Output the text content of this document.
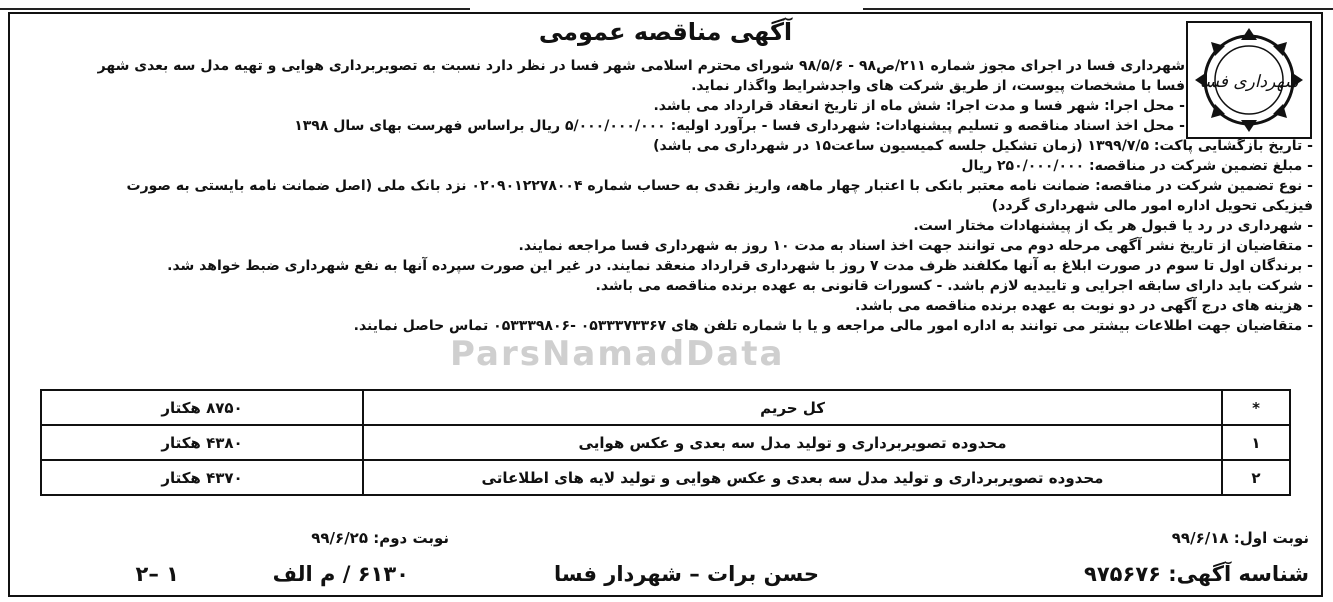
شهرداری فسا
آگهی مناقصه عمومی
شهرداری فسا در اجرای مجوز شماره ۲۱۱/ص۹۸ - ۹۸/۵/۶ شورای محترم اسلامی شهر فسا در نظر دارد نسبت به تصویربرداری هوایی و تهیه مدل سه بعدی شهر
فسا با مشخصات پیوست، از طریق شرکت های واجدشرایط واگذار نماید.
- محل اجرا: شهر فسا و مدت اجرا: شش ماه از تاریخ انعقاد قرارداد می باشد.
- محل اخذ اسناد مناقصه و تسلیم پیشنهادات: شهرداری فسا - برآورد اولیه: ۵/۰۰۰/۰۰۰/۰۰۰ ریال براساس فهرست بهای سال ۱۳۹۸
- تاریخ بازگشایی پاکت: ۱۳۹۹/۷/۵ (زمان تشکیل جلسه کمیسیون ساعت۱۵ در شهرداری می باشد)
- مبلغ تضمین شرکت در مناقصه: ۲۵۰/۰۰۰/۰۰۰ ریال
- نوع تضمین شرکت در مناقصه: ضمانت نامه معتبر بانکی با اعتبار چهار ماهه، واریز نقدی به حساب شماره ۰۲۰۹۰۱۲۲۷۸۰۰۴ نزد بانک ملی (اصل ضمانت نامه بایستی به صورت
فیزیکی تحویل اداره امور مالی شهرداری گردد)
- شهرداری در رد یا قبول هر یک از پیشنهادات مختار است.
- متقاضیان از تاریخ نشر آگهی مرحله دوم می توانند جهت اخذ اسناد به مدت ۱۰ روز به شهرداری فسا مراجعه نمایند.
- برندگان اول تا سوم در صورت ابلاغ به آنها مکلفند ظرف مدت ۷ روز با شهرداری قرارداد منعقد نمایند. در غیر این صورت سپرده آنها به نفع شهرداری ضبط خواهد شد.
- شرکت باید دارای سابقه اجرایی و تاییدیه لازم باشد. - کسورات قانونی به عهده برنده مناقصه می باشد.
- هزینه های درج آگهی در دو نوبت به عهده برنده مناقصه می باشد.
- متقاضیان جهت اطلاعات بیشتر می توانند به اداره امور مالی مراجعه و یا با شماره تلفن های ۰۵۳۳۳۷۳۳۶۷ -۰۵۳۳۳۹۸۰۶ تماس حاصل نمایند.
ParsNamadData
*	کل حریم	۸۷۵۰ هکتار
۱	محدوده تصویربرداری و تولید مدل سه بعدی و عکس هوایی	۴۳۸۰ هکتار
۲	محدوده تصویربرداری و تولید مدل سه بعدی و عکس هوایی و تولید لایه های اطلاعاتی	۴۳۷۰ هکتار
نوبت اول: ۹۹/۶/۱۸
نوبت دوم: ۹۹/۶/۲۵
شناسه آگهی: ۹۷۵۶۷۶
حسن برات – شهردار فسا
۶۱۳۰ / م الف
۱ –۲
